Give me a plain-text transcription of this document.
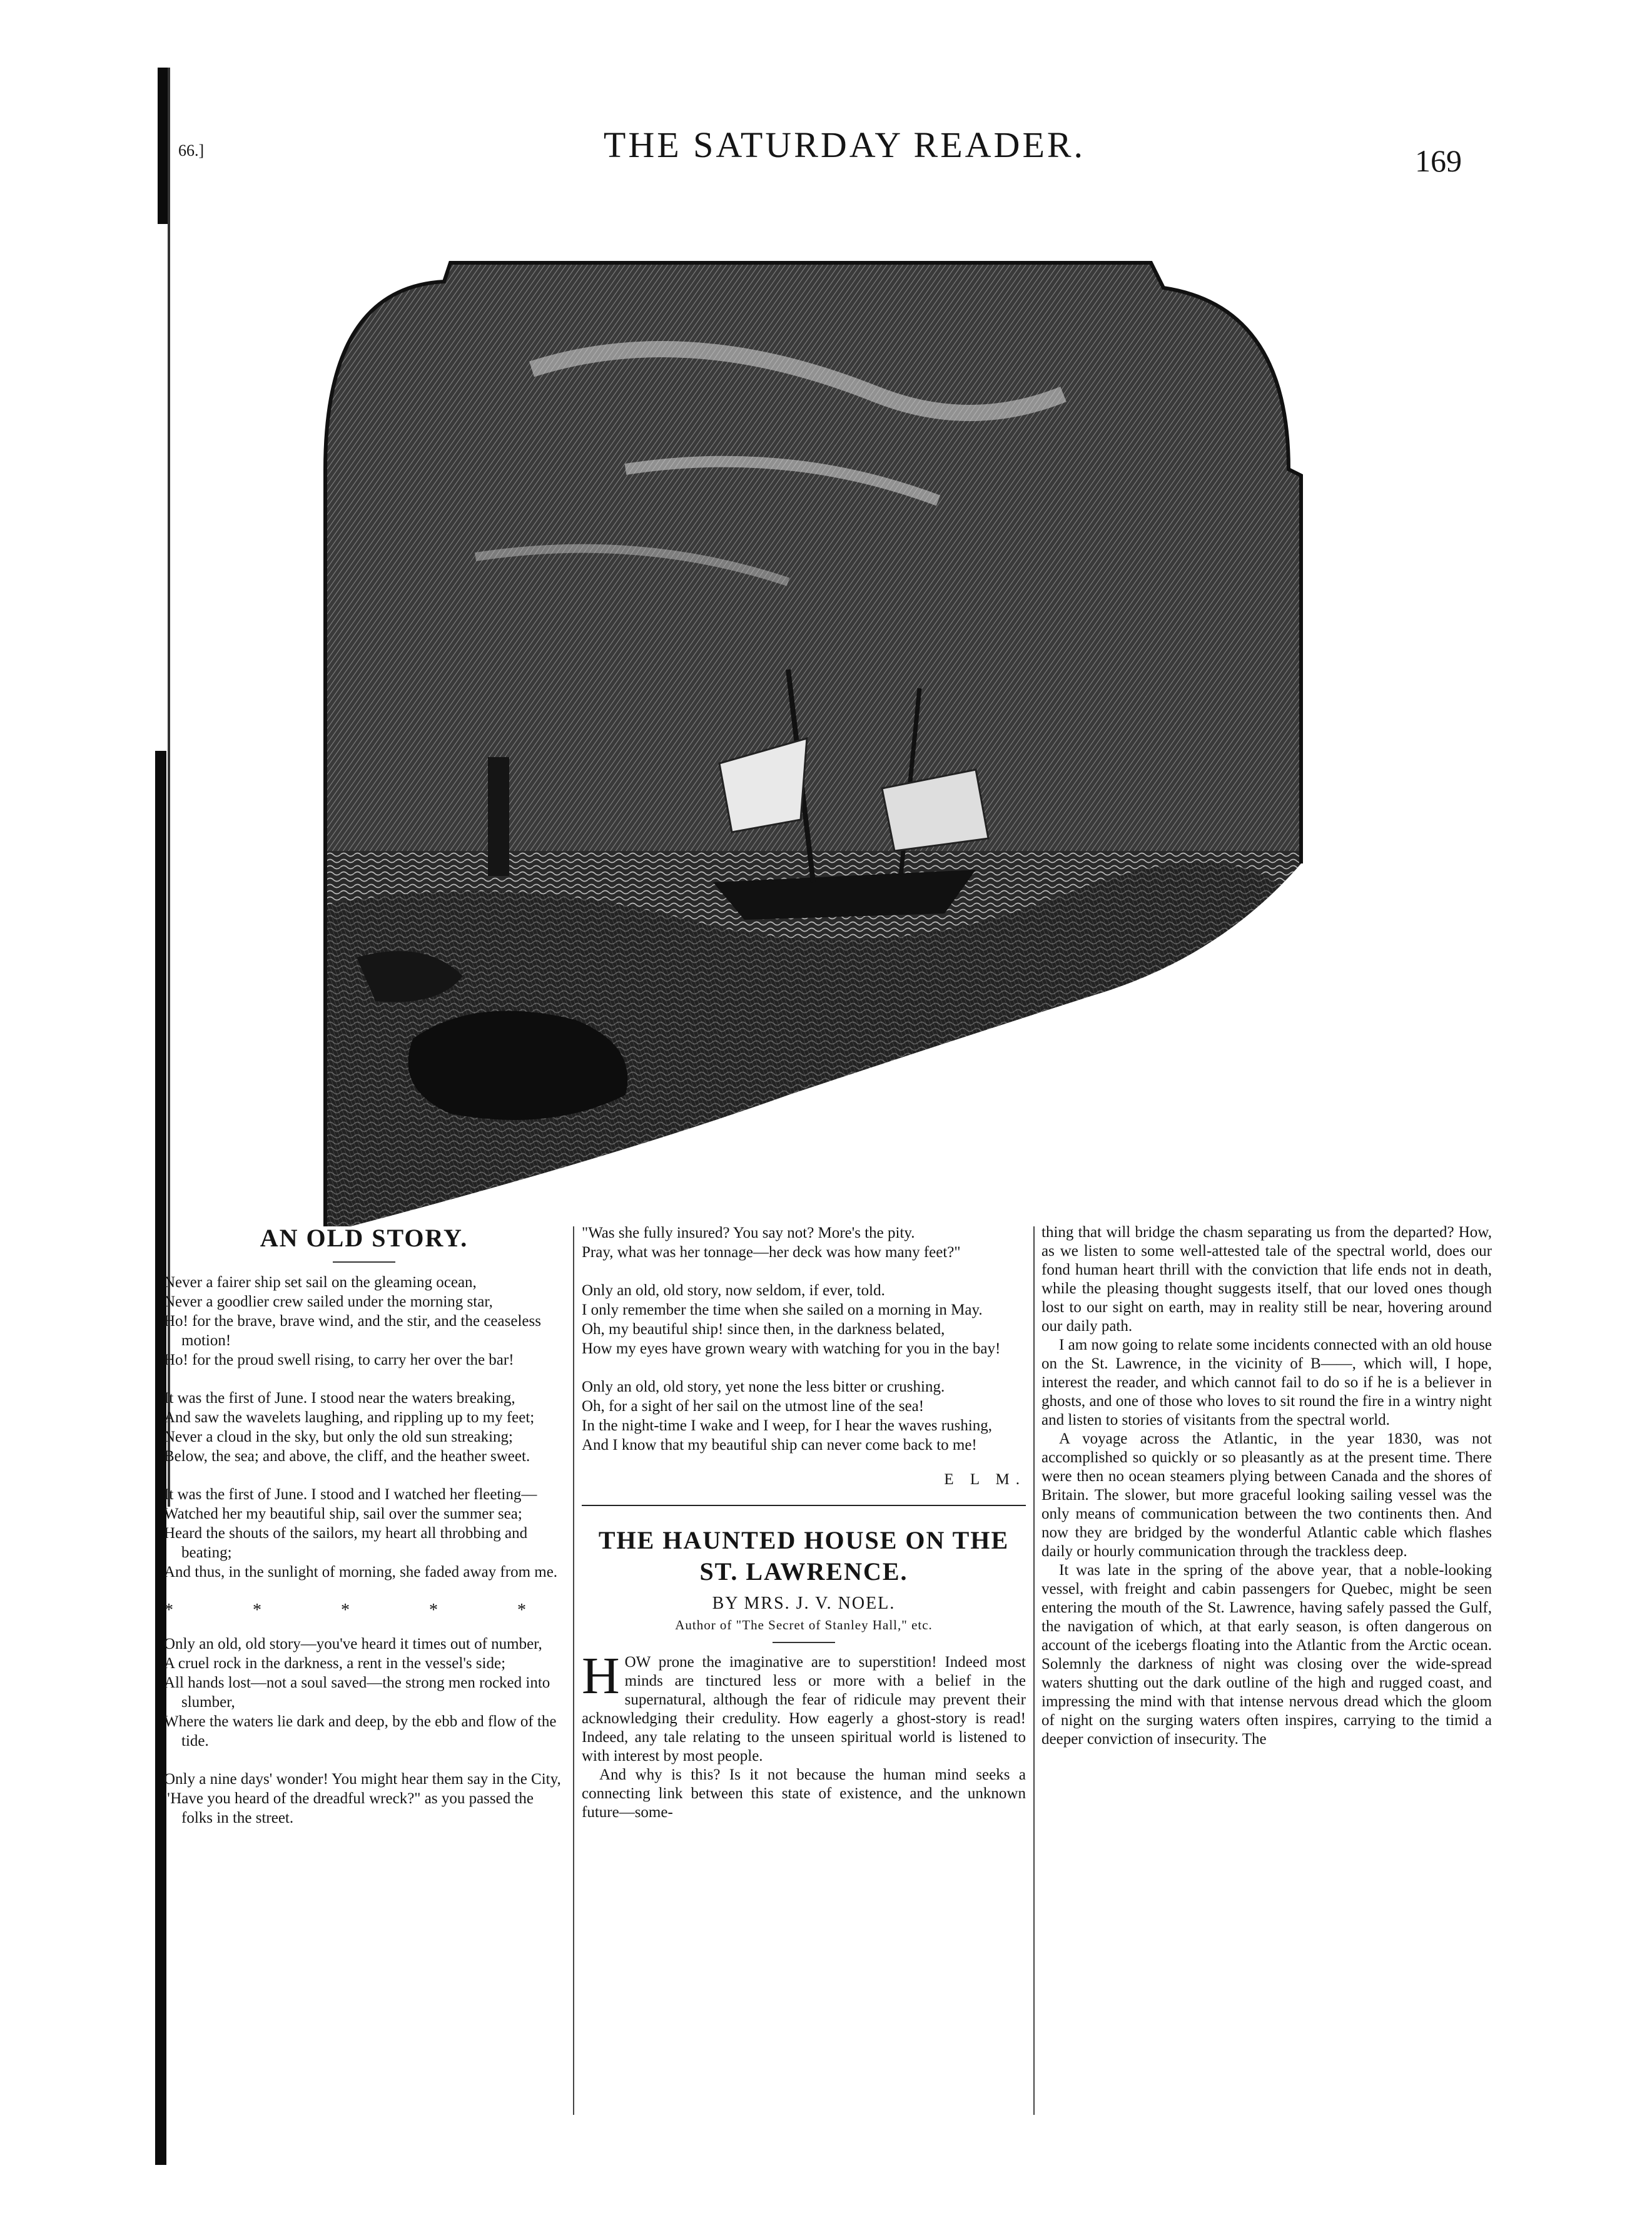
66.]	THE SATURDAY READER.	169
AN OLD STORY.
Never a fairer ship set sail on the gleaming ocean,
Never a goodlier crew sailed under the morning star,
Ho! for the brave, brave wind, and the stir, and the ceaseless motion!
Ho! for the proud swell rising, to carry her over the bar!
It was the first of June. I stood near the waters breaking,
And saw the wavelets laughing, and rippling up to my feet;
Never a cloud in the sky, but only the old sun streaking;
Below, the sea; and above, the cliff, and the heather sweet.
It was the first of June. I stood and I watched her fleeting—
Watched her my beautiful ship, sail over the summer sea;
Heard the shouts of the sailors, my heart all throbbing and beating;
And thus, in the sunlight of morning, she faded away from me.
* * * * *
Only an old, old story—you've heard it times out of number,
A cruel rock in the darkness, a rent in the vessel's side;
All hands lost—not a soul saved—the strong men rocked into slumber,
Where the waters lie dark and deep, by the ebb and flow of the tide.
Only a nine days' wonder! You might hear them say in the City,
"Have you heard of the dreadful wreck?" as you passed the folks in the street.
"Was she fully insured? You say not? More's the pity.
Pray, what was her tonnage—her deck was how many feet?"
Only an old, old story, now seldom, if ever, told.
I only remember the time when she sailed on a morning in May.
Oh, my beautiful ship! since then, in the darkness belated,
How my eyes have grown weary with watching for you in the bay!
Only an old, old story, yet none the less bitter or crushing.
Oh, for a sight of her sail on the utmost line of the sea!
In the night-time I wake and I weep, for I hear the waves rushing,
And I know that my beautiful ship can never come back to me!
E L M.
THE HAUNTED HOUSE ON THE ST. LAWRENCE.
BY MRS. J. V. NOEL.
Author of "The Secret of Stanley Hall," etc.

HOW prone the imaginative are to superstition! Indeed most minds are tinctured less or more with a belief in the supernatural, although the fear of ridicule may prevent their acknowledging their credulity. How eagerly a ghost-story is read! Indeed, any tale relating to the unseen spiritual world is listened to with interest by most people.

And why is this? Is it not because the human mind seeks a connecting link between this state of existence, and the unknown future—some-

thing that will bridge the chasm separating us from the departed? How, as we listen to some well-attested tale of the spectral world, does our fond human heart thrill with the conviction that life ends not in death, while the pleasing thought suggests itself, that our loved ones though lost to our sight on earth, may in reality still be near, hovering around our daily path.

I am now going to relate some incidents connected with an old house on the St. Lawrence, in the vicinity of B——, which will, I hope, interest the reader, and which cannot fail to do so if he is a believer in ghosts, and one of those who loves to sit round the fire in a wintry night and listen to stories of visitants from the spectral world.

A voyage across the Atlantic, in the year 1830, was not accomplished so quickly or so pleasantly as at the present time. There were then no ocean steamers plying between Canada and the shores of Britain. The slower, but more graceful looking sailing vessel was the only means of communication between the two continents then. And now they are bridged by the wonderful Atlantic cable which flashes daily or hourly communication through the trackless deep.

It was late in the spring of the above year, that a noble-looking vessel, with freight and cabin passengers for Quebec, might be seen entering the mouth of the St. Lawrence, having safely passed the Gulf, the navigation of which, at that early season, is often dangerous on account of the icebergs floating into the Atlantic from the Arctic ocean. Solemnly the darkness of night was closing over the wide-spread waters shutting out the dark outline of the high and rugged coast, and impressing the mind with that intense nervous dread which the gloom of night on the surging waters often inspires, carrying to the timid a deeper conviction of insecurity. The
